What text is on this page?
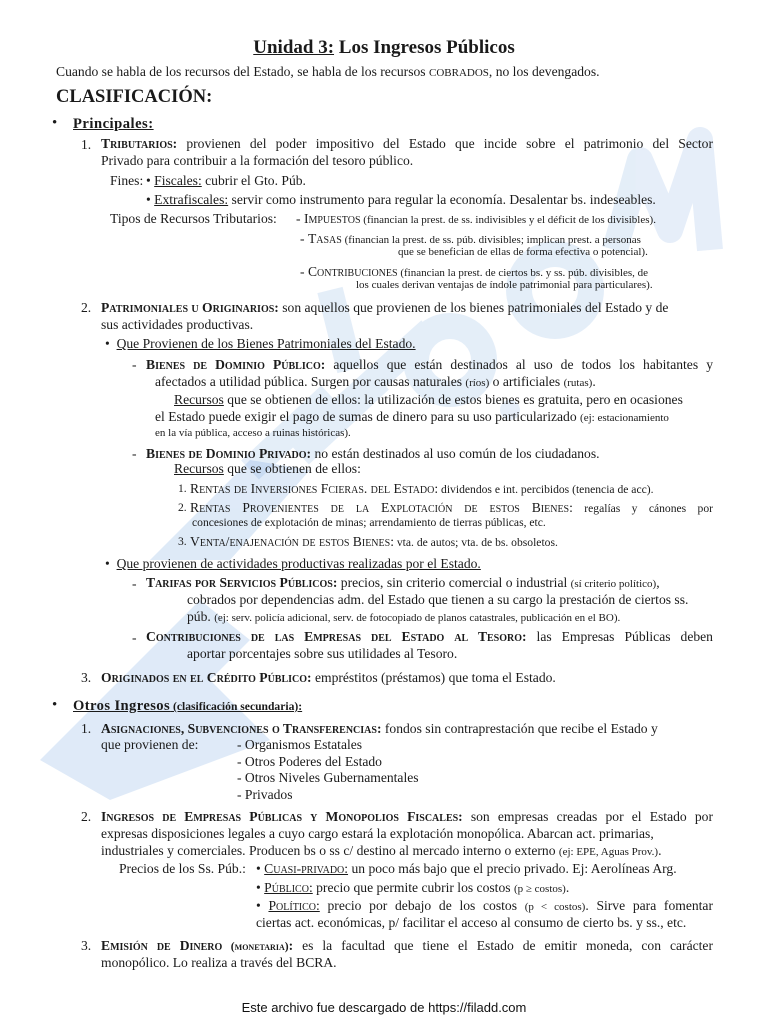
Unidad 3: Los Ingresos Públicos
Cuando se habla de los recursos del Estado, se habla de los recursos COBRADOS, no los devengados.
CLASIFICACIÓN:
• Principales:
1. Tributarios: provienen del poder impositivo del Estado que incide sobre el patrimonio del Sector
Privado para contribuir a la formación del tesoro público.
Fines: • Fiscales: cubrir el Gto. Púb.
• Extrafiscales: servir como instrumento para regular la economía. Desalentar bs. indeseables.
Tipos de Recursos Tributarios: - Impuestos (financian la prest. de ss. indivisibles y el déficit de los divisibles).
- Tasas (financian la prest. de ss. púb. divisibles; implican prest. a personas
que se benefician de ellas de forma efectiva o potencial).
- Contribuciones (financian la prest. de ciertos bs. y ss. púb. divisibles, de
los cuales derivan ventajas de índole patrimonial para particulares).
2. Patrimoniales u Originarios: son aquellos que provienen de los bienes patrimoniales del Estado y de
sus actividades productivas.
• Que Provienen de los Bienes Patrimoniales del Estado.
- Bienes de Dominio Público: aquellos que están destinados al uso de todos los habitantes y
afectados a utilidad pública. Surgen por causas naturales (ríos) o artificiales (rutas).
Recursos que se obtienen de ellos: la utilización de estos bienes es gratuita, pero en ocasiones
el Estado puede exigir el pago de sumas de dinero para su uso particularizado (ej: estacionamiento
en la vía pública, acceso a ruinas históricas).
- Bienes de Dominio Privado: no están destinados al uso común de los ciudadanos.
Recursos que se obtienen de ellos:
1. Rentas de Inversiones Fcieras. del Estado: dividendos e int. percibidos (tenencia de acc).
2. Rentas Provenientes de la Explotación de estos Bienes: regalías y cánones por
concesiones de explotación de minas; arrendamiento de tierras públicas, etc.
3. Venta/enajenación de estos Bienes: vta. de autos; vta. de bs. obsoletos.
• Que provienen de actividades productivas realizadas por el Estado.
- Tarifas por Servicios Públicos: precios, sin criterio comercial o industrial (sí criterio político),
cobrados por dependencias adm. del Estado que tienen a su cargo la prestación de ciertos ss.
púb. (ej: serv. policía adicional, serv. de fotocopiado de planos catastrales, publicación en el BO).
- Contribuciones de las Empresas del Estado al Tesoro: las Empresas Públicas deben
aportar porcentajes sobre sus utilidades al Tesoro.
3. Originados en el Crédito Público: empréstitos (préstamos) que toma el Estado.
• Otros Ingresos (clasificación secundaria):
1. Asignaciones, Subvenciones o Transferencias: fondos sin contraprestación que recibe el Estado y
que provienen de:	- Organismos Estatales
- Otros Poderes del Estado
- Otros Niveles Gubernamentales
- Privados
2. Ingresos de Empresas Públicas y Monopolios Fiscales: son empresas creadas por el Estado por
expresas disposiciones legales a cuyo cargo estará la explotación monopólica. Abarcan act. primarias,
industriales y comerciales. Producen bs o ss c/ destino al mercado interno o externo (ej: EPE, Aguas Prov.).
Precios de los Ss. Púb.: • Cuasi-privado: un poco más bajo que el precio privado. Ej: Aerolíneas Arg.
• Público: precio que permite cubrir los costos (p ≥ costos).
• Político: precio por debajo de los costos (p < costos). Sirve para fomentar
ciertas act. económicas, p/ facilitar el acceso al consumo de cierto bs. y ss., etc.
3. Emisión de Dinero (monetaria): es la facultad que tiene el Estado de emitir moneda, con carácter
monopólico. Lo realiza a través del BCRA.
Este archivo fue descargado de https://filadd.com
